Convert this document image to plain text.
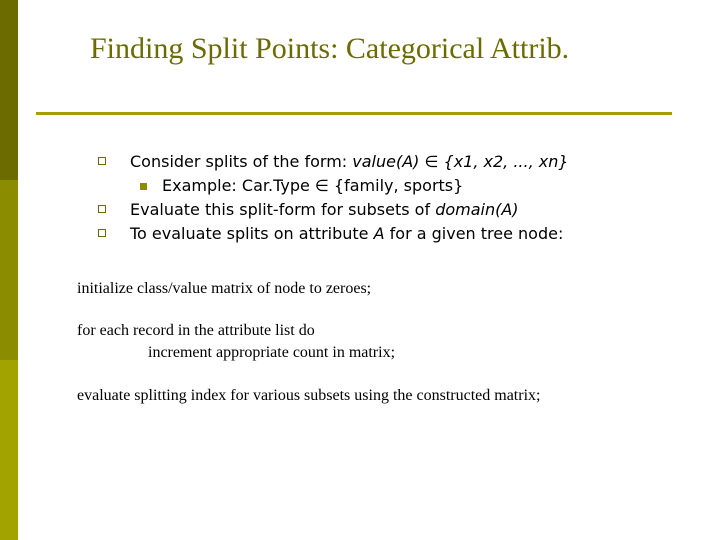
Finding Split Points: Categorical Attrib.
Consider splits of the form: value(A) ∈ {x1, x2, ..., xn}
Example: Car.Type ∈ {family, sports}
Evaluate this split-form for subsets of domain(A)
To evaluate splits on attribute A for a given tree node:
initialize class/value matrix of node to zeroes;
for each record in the attribute list do
increment appropriate count in matrix;
evaluate splitting index for various subsets using the constructed matrix;
